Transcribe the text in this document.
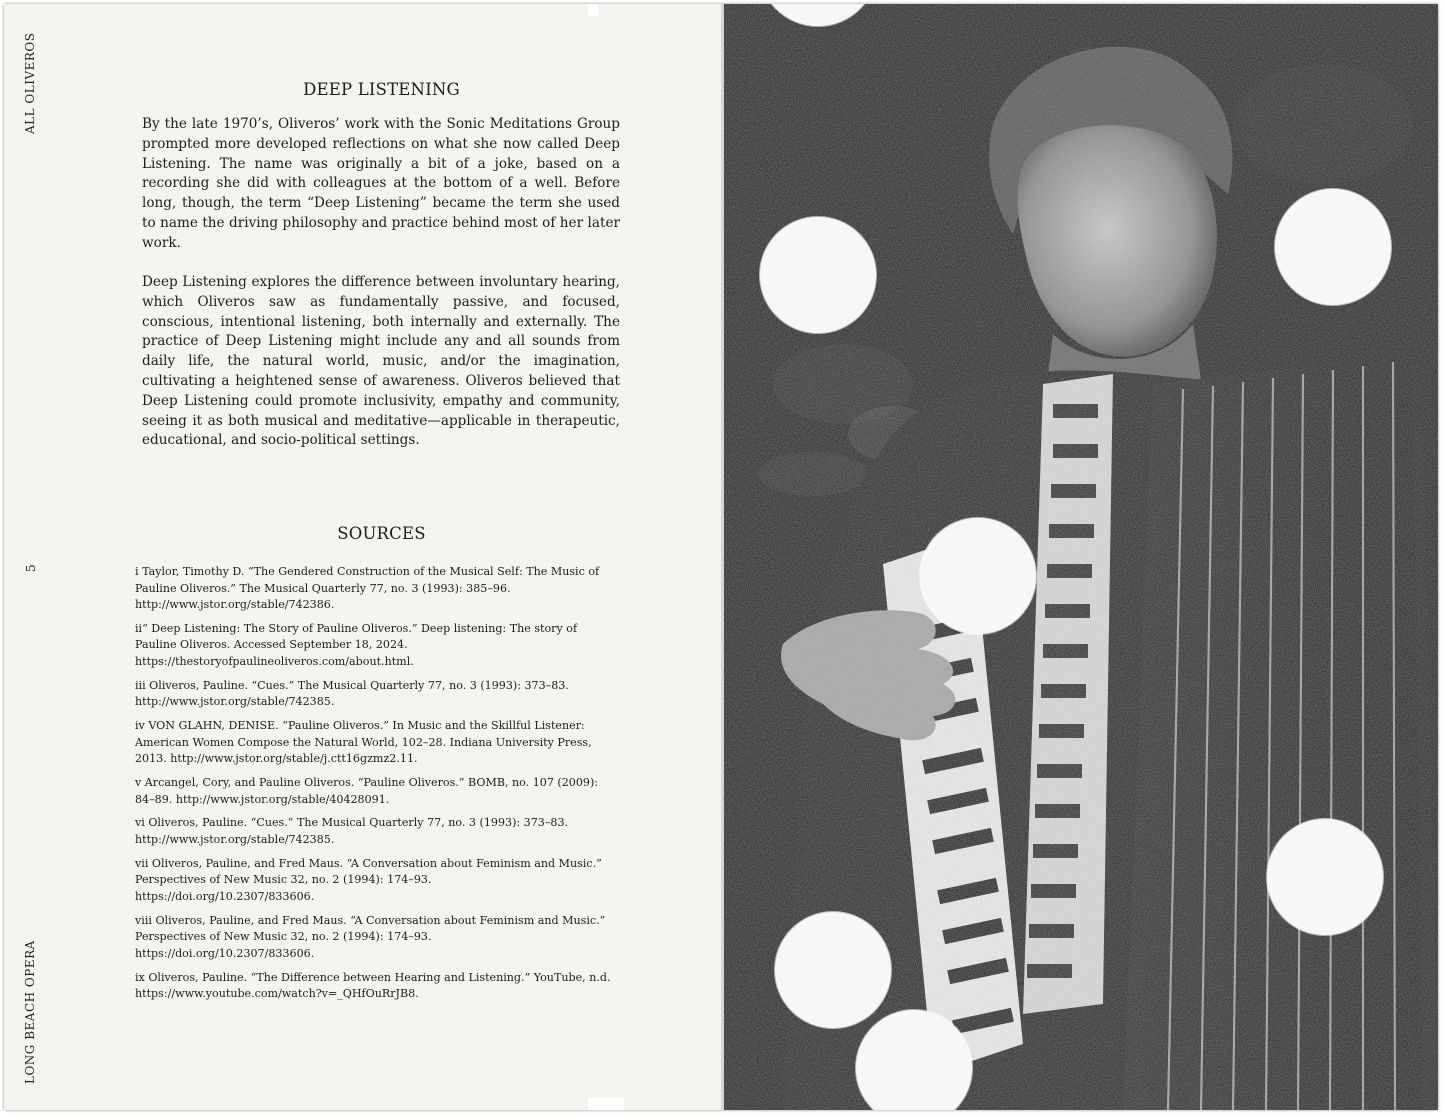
ALL OLIVEROS
5
LONG BEACH OPERA
DEEP LISTENING

By the late 1970’s, Oliveros’ work with the Sonic Meditations Group prompted more developed reflections on what she now called Deep Listening. The name was originally a bit of a joke, based on a recording she did with colleagues at the bottom of a well. Before long, though, the term “Deep Listening” became the term she used to name the driving philosophy and practice behind most of her later work.

Deep Listening explores the difference between involuntary hearing, which Oliveros saw as fundamentally passive, and focused, conscious, intentional listening, both internally and externally. The practice of Deep Listening might include any and all sounds from daily life, the natural world, music, and/or the imagination, cultivating a heightened sense of awareness. Oliveros believed that Deep Listening could promote inclusivity, empathy and community, seeing it as both musical and meditative—applicable in therapeutic, educational, and socio-political settings.

SOURCES
i Taylor, Timothy D. “The Gendered Construction of the Musical Self: The Music of Pauline Oliveros.” The Musical Quarterly 77, no. 3 (1993): 385–96. http://www.jstor.org/stable/742386.
ii“ Deep Listening: The Story of Pauline Oliveros.” Deep listening: The story of Pauline Oliveros. Accessed September 18, 2024. https://thestoryofpaulineoliveros.com/about.html.
iii Oliveros, Pauline. “Cues.” The Musical Quarterly 77, no. 3 (1993): 373–83. http://www.jstor.org/stable/742385.
iv VON GLAHN, DENISE. “Pauline Oliveros.” In Music and the Skillful Listener: American Women Compose the Natural World, 102–28. Indiana University Press, 2013. http://www.jstor.org/stable/j.ctt16gzmz2.11.
v Arcangel, Cory, and Pauline Oliveros. “Pauline Oliveros.” BOMB, no. 107 (2009): 84–89. http://www.jstor.org/stable/40428091.
vi Oliveros, Pauline. “Cues.” The Musical Quarterly 77, no. 3 (1993): 373–83. http://www.jstor.org/stable/742385.
vii Oliveros, Pauline, and Fred Maus. “A Conversation about Feminism and Music.” Perspectives of New Music 32, no. 2 (1994): 174–93. https://doi.org/10.2307/833606.
viii Oliveros, Pauline, and Fred Maus. “A Conversation about Feminism and Music.” Perspectives of New Music 32, no. 2 (1994): 174–93. https://doi.org/10.2307/833606.
ix Oliveros, Pauline. “The Difference between Hearing and Listening.” YouTube, n.d. https://www.youtube.com/watch?v=_QHfOuRrJB8.
